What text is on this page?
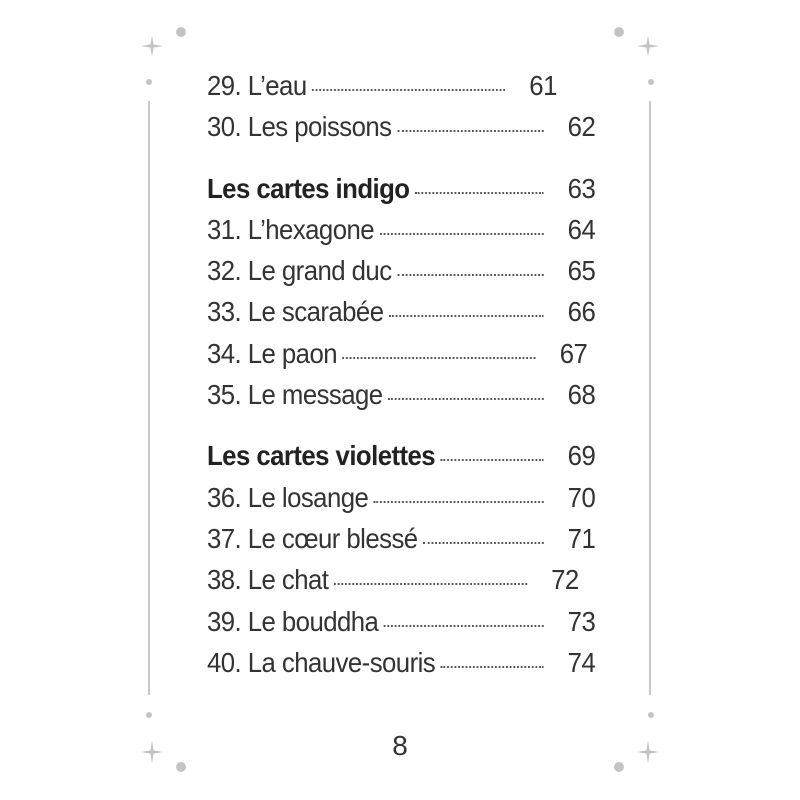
29. L’eau	61
30. Les poissons	62
Les cartes indigo	63
31. L’hexagone	64
32. Le grand duc	65
33. Le scarabée	66
34. Le paon	67
35. Le message	68
Les cartes violettes	69
36. Le losange	70
37. Le cœur blessé	71
38. Le chat	72
39. Le bouddha	73
40. La chauve-souris	74
8
